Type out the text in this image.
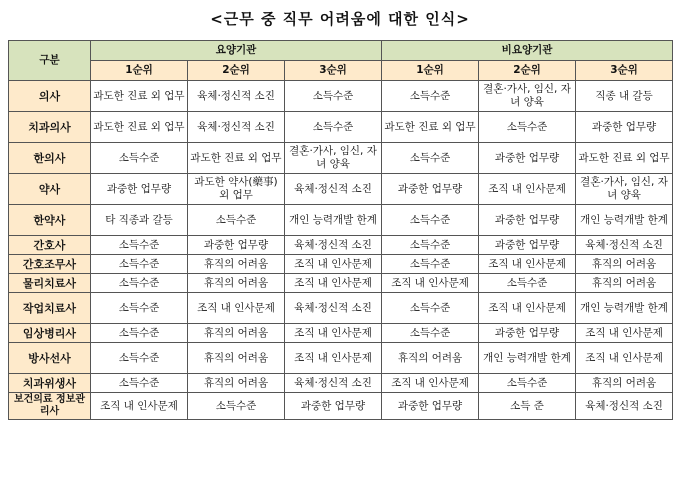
<근무 중 직무 어려움에 대한 인식>
구분	요양기관			비요양기관		
	1순위	2순위	3순위	1순위	2순위	3순위
의사	과도한 진료 외 업무	육체·정신적 소진	소득수준	소득수준	결혼·가사, 임신, 자녀 양육	직종 내 갈등
치과의사	과도한 진료 외 업무	육체·정신적 소진	소득수준	과도한 진료 외 업무	소득수준	과중한 업무량
한의사	소득수준	과도한 진료 외 업무	결혼·가사, 임신, 자녀 양육	소득수준	과중한 업무량	과도한 진료 외 업무
약사	과중한 업무량	과도한 약사(藥事) 외 업무	육체·정신적 소진	과중한 업무량	조직 내 인사문제	결혼·가사, 임신, 자녀 양육
한약사	타 직종과 갈등	소득수준	개인 능력개발 한계	소득수준	과중한 업무량	개인 능력개발 한계
간호사	소득수준	과중한 업무량	육체·정신적 소진	소득수준	과중한 업무량	육체·정신적 소진
간호조무사	소득수준	휴직의 어려움	조직 내 인사문제	소득수준	조직 내 인사문제	휴직의 어려움
물리치료사	소득수준	휴직의 어려움	조직 내 인사문제	조직 내 인사문제	소득수준	휴직의 어려움
작업치료사	소득수준	조직 내 인사문제	육체·정신적 소진	소득수준	조직 내 인사문제	개인 능력개발 한계
임상병리사	소득수준	휴직의 어려움	조직 내 인사문제	소득수준	과중한 업무량	조직 내 인사문제
방사선사	소득수준	휴직의 어려움	조직 내 인사문제	휴직의 어려움	개인 능력개발 한계	조직 내 인사문제
치과위생사	소득수준	휴직의 어려움	육체·정신적 소진	조직 내 인사문제	소득수준	휴직의 어려움
보건의료 정보관리사	조직 내 인사문제	소득수준	과중한 업무량	과중한 업무량	소득 준	육체·정신적 소진
